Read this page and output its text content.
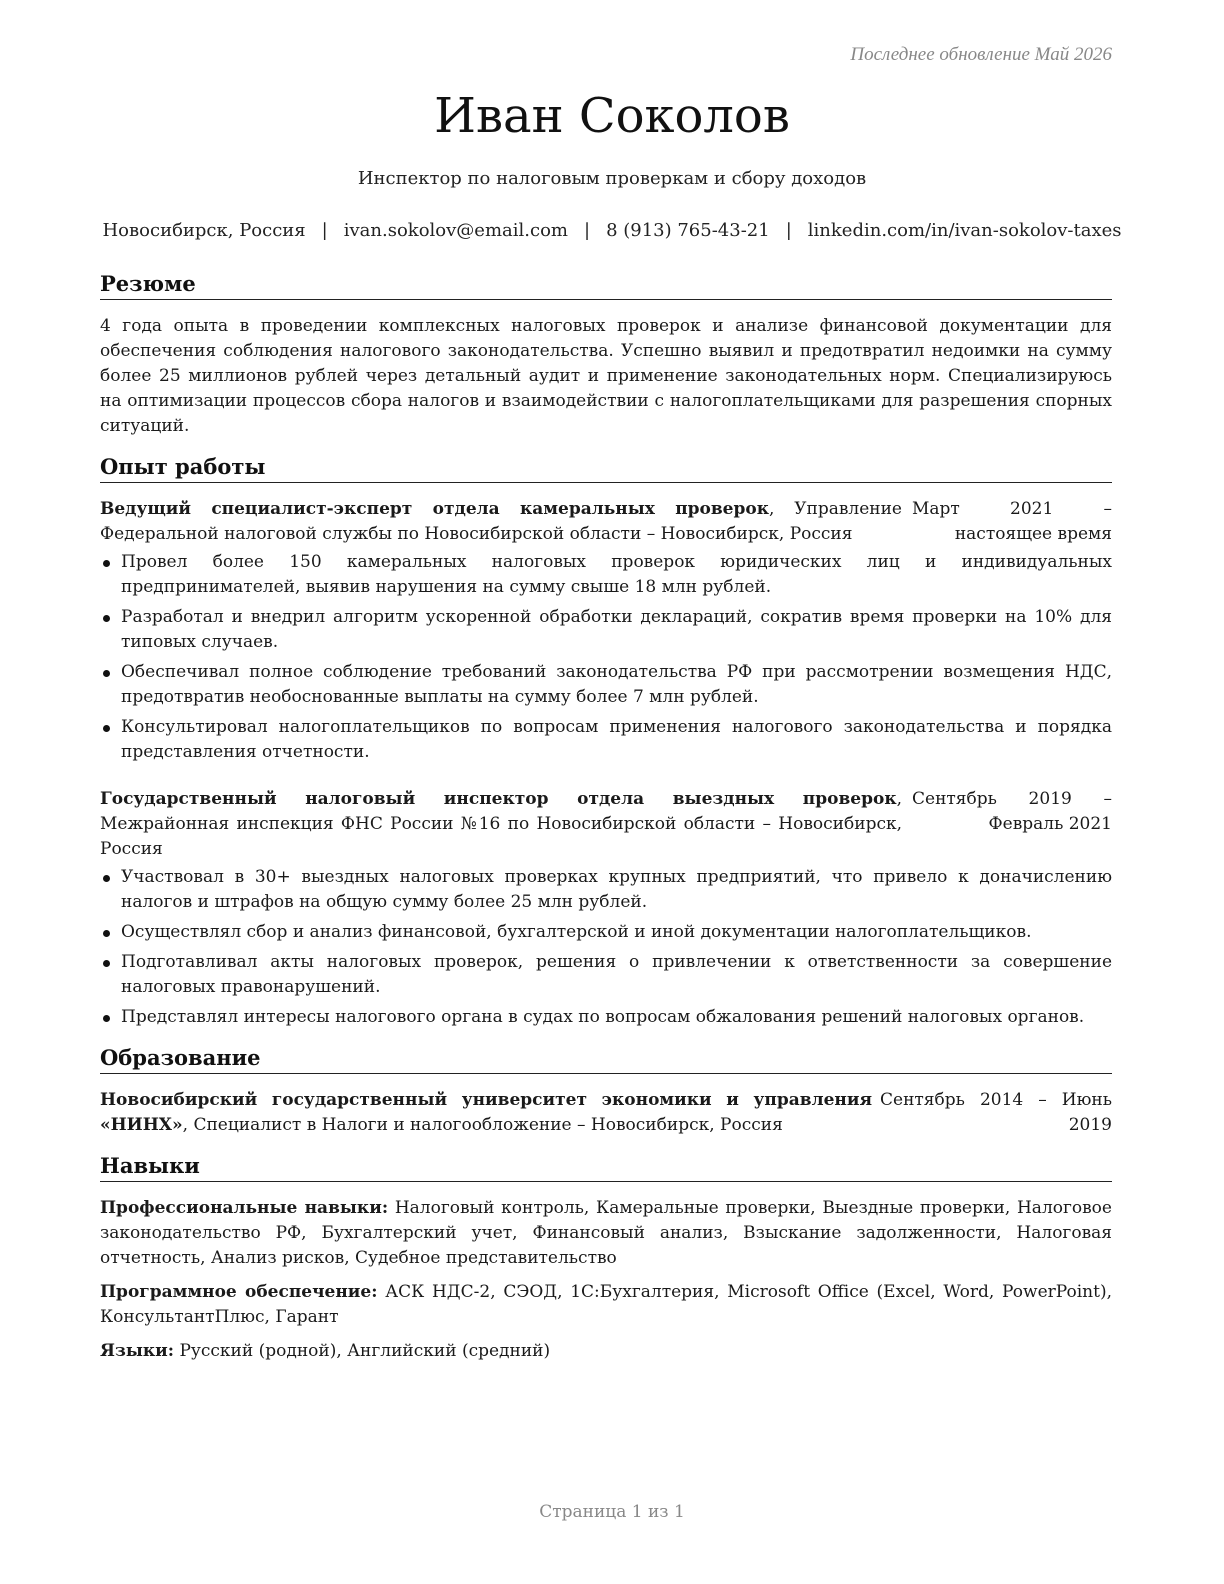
Последнее обновление Май 2026
Иван Соколов
Инспектор по налоговым проверкам и сбору доходов
Новосибирск, Россия | ivan.sokolov@email.com | 8 (913) 765-43-21 | linkedin.com/in/ivan-sokolov-taxes
Резюме
4 года опыта в проведении комплексных налоговых проверок и анализе финансовой документации для обеспечения соблюдения налогового законодательства. Успешно выявил и предотвратил недоимки на сумму более 25 миллионов рублей через детальный аудит и применение законодательных норм. Специализируюсь на оптимизации процессов сбора налогов и взаимодействии с налогоплательщиками для разрешения спорных ситуаций.
Опыт работы
Ведущий специалист-эксперт отдела камеральных проверок, Управление Федеральной налоговой службы по Новосибирской области – Новосибирск, Россия
Март 2021 – настоящее время
Провел более 150 камеральных налоговых проверок юридических лиц и индивидуальных предпринимателей, выявив нарушения на сумму свыше 18 млн рублей.
Разработал и внедрил алгоритм ускоренной обработки деклараций, сократив время проверки на 10% для типовых случаев.
Обеспечивал полное соблюдение требований законодательства РФ при рассмотрении возмещения НДС, предотвратив необоснованные выплаты на сумму более 7 млн рублей.
Консультировал налогоплательщиков по вопросам применения налогового законодательства и порядка представления отчетности.
Государственный налоговый инспектор отдела выездных проверок, Межрайонная инспекция ФНС России №16 по Новосибирской области – Новосибирск, Россия
Сентябрь 2019 – Февраль 2021
Участвовал в 30+ выездных налоговых проверках крупных предприятий, что привело к доначислению налогов и штрафов на общую сумму более 25 млн рублей.
Осуществлял сбор и анализ финансовой, бухгалтерской и иной документации налогоплательщиков.
Подготавливал акты налоговых проверок, решения о привлечении к ответственности за совершение налоговых правонарушений.
Представлял интересы налогового органа в судах по вопросам обжалования решений налоговых органов.
Образование
Новосибирский государственный университет экономики и управления «НИНХ», Специалист в Налоги и налогообложение – Новосибирск, Россия
Сентябрь 2014 – Июнь 2019
Навыки
Профессиональные навыки: Налоговый контроль, Камеральные проверки, Выездные проверки, Налоговое законодательство РФ, Бухгалтерский учет, Финансовый анализ, Взыскание задолженности, Налоговая отчетность, Анализ рисков, Судебное представительство
Программное обеспечение: АСК НДС-2, СЭОД, 1С:Бухгалтерия, Microsoft Office (Excel, Word, PowerPoint), КонсультантПлюс, Гарант
Языки: Русский (родной), Английский (средний)
Страница 1 из 1
